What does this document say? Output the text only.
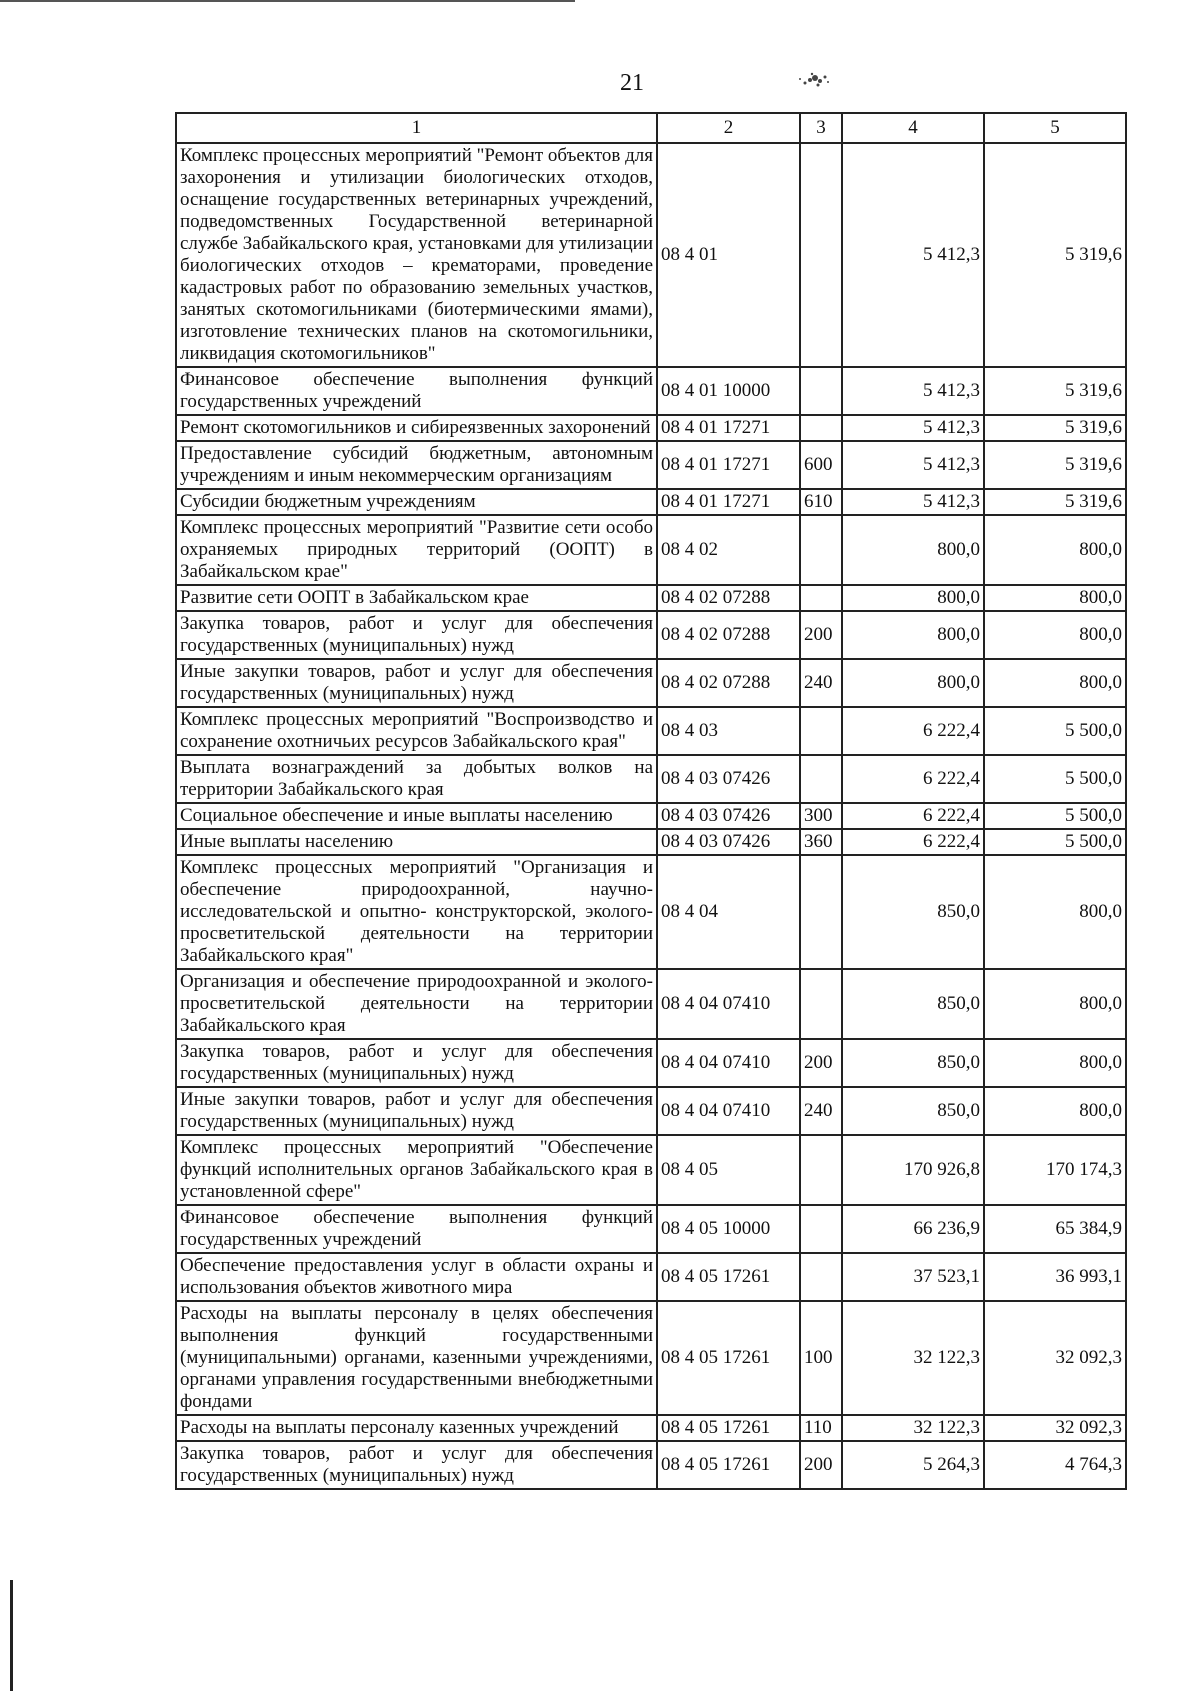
21
1	2	3	4	5
Комплекс процессных мероприятий "Ремонт объектов для захоронения и утилизации биологических отходов, оснащение государственных ветеринарных учреждений, подведомственных Государственной ветеринарной службе Забайкальского края, установками для утилизации биологических отходов – крематорами, проведение кадастровых работ по образованию земельных участков, занятых скотомогильниками (биотермическими ямами), изготовление технических планов на скотомогильники, ликвидация скотомогильников"	08 4 01		5 412,3	5 319,6
Финансовое обеспечение выполнения функций государственных учреждений	08 4 01 10000		5 412,3	5 319,6
Ремонт скотомогильников и сибиреязвенных захоронений	08 4 01 17271		5 412,3	5 319,6
Предоставление субсидий бюджетным, автономным учреждениям и иным некоммерческим организациям	08 4 01 17271	600	5 412,3	5 319,6
Субсидии бюджетным учреждениям	08 4 01 17271	610	5 412,3	5 319,6
Комплекс процессных мероприятий "Развитие сети особо охраняемых природных территорий (ООПТ) в Забайкальском крае"	08 4 02		800,0	800,0
Развитие сети ООПТ в Забайкальском крае	08 4 02 07288		800,0	800,0
Закупка товаров, работ и услуг для обеспечения государственных (муниципальных) нужд	08 4 02 07288	200	800,0	800,0
Иные закупки товаров, работ и услуг для обеспечения государственных (муниципальных) нужд	08 4 02 07288	240	800,0	800,0
Комплекс процессных мероприятий "Воспроизводство и сохранение охотничьих ресурсов Забайкальского края"	08 4 03		6 222,4	5 500,0
Выплата вознаграждений за добытых волков на территории Забайкальского края	08 4 03 07426		6 222,4	5 500,0
Социальное обеспечение и иные выплаты населению	08 4 03 07426	300	6 222,4	5 500,0
Иные выплаты населению	08 4 03 07426	360	6 222,4	5 500,0
Комплекс процессных мероприятий "Организация и обеспечение природоохранной, научно-исследовательской и опытно- конструкторской, эколого-просветительской деятельности на территории Забайкальского края"	08 4 04		850,0	800,0
Организация и обеспечение природоохранной и эколого-просветительской деятельности на территории Забайкальского края	08 4 04 07410		850,0	800,0
Закупка товаров, работ и услуг для обеспечения государственных (муниципальных) нужд	08 4 04 07410	200	850,0	800,0
Иные закупки товаров, работ и услуг для обеспечения государственных (муниципальных) нужд	08 4 04 07410	240	850,0	800,0
Комплекс процессных мероприятий "Обеспечение функций исполнительных органов Забайкальского края в установленной сфере"	08 4 05		170 926,8	170 174,3
Финансовое обеспечение выполнения функций государственных учреждений	08 4 05 10000		66 236,9	65 384,9
Обеспечение предоставления услуг в области охраны и использования объектов животного мира	08 4 05 17261		37 523,1	36 993,1
Расходы на выплаты персоналу в целях обеспечения выполнения функций государственными (муниципальными) органами, казенными учреждениями, органами управления государственными внебюджетными фондами	08 4 05 17261	100	32 122,3	32 092,3
Расходы на выплаты персоналу казенных учреждений	08 4 05 17261	110	32 122,3	32 092,3
Закупка товаров, работ и услуг для обеспечения государственных (муниципальных) нужд	08 4 05 17261	200	5 264,3	4 764,3
